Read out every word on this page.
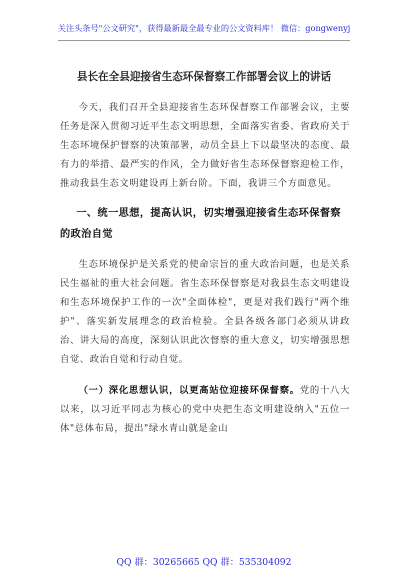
关注头条号"公文研究"，获得最新最全最专业的公文资料库！ 微信：gongwenyj
县长在全县迎接省生态环保督察工作部署会议上的讲话

今天，我们召开全县迎接省生态环保督察工作部署会议，主要任务是深入贯彻习近平生态文明思想，全面落实省委、省政府关于生态环境保护督察的决策部署，动员全县上下以最坚决的态度、最有力的举措、最严实的作风，全力做好省生态环保督察迎检工作，推动我县生态文明建设再上新台阶。下面，我讲三个方面意见。

一、统一思想，提高认识，切实增强迎接省生态环保督察的政治自觉

生态环境保护是关系党的使命宗旨的重大政治问题，也是关系民生福祉的重大社会问题。省生态环保督察是对我县生态文明建设和生态环境保护工作的一次"全面体检"，更是对我们践行"两个维护"、落实新发展理念的政治检验。全县各级各部门必须从讲政治、讲大局的高度，深刻认识此次督察的重大意义，切实增强思想自觉、政治自觉和行动自觉。

（一）深化思想认识，以更高站位迎接环保督察。党的十八大以来，以习近平同志为核心的党中央把生态文明建设纳入"五位一体"总体布局，提出"绿水青山就是金山

QQ 群：30265665 QQ 群：535304092
